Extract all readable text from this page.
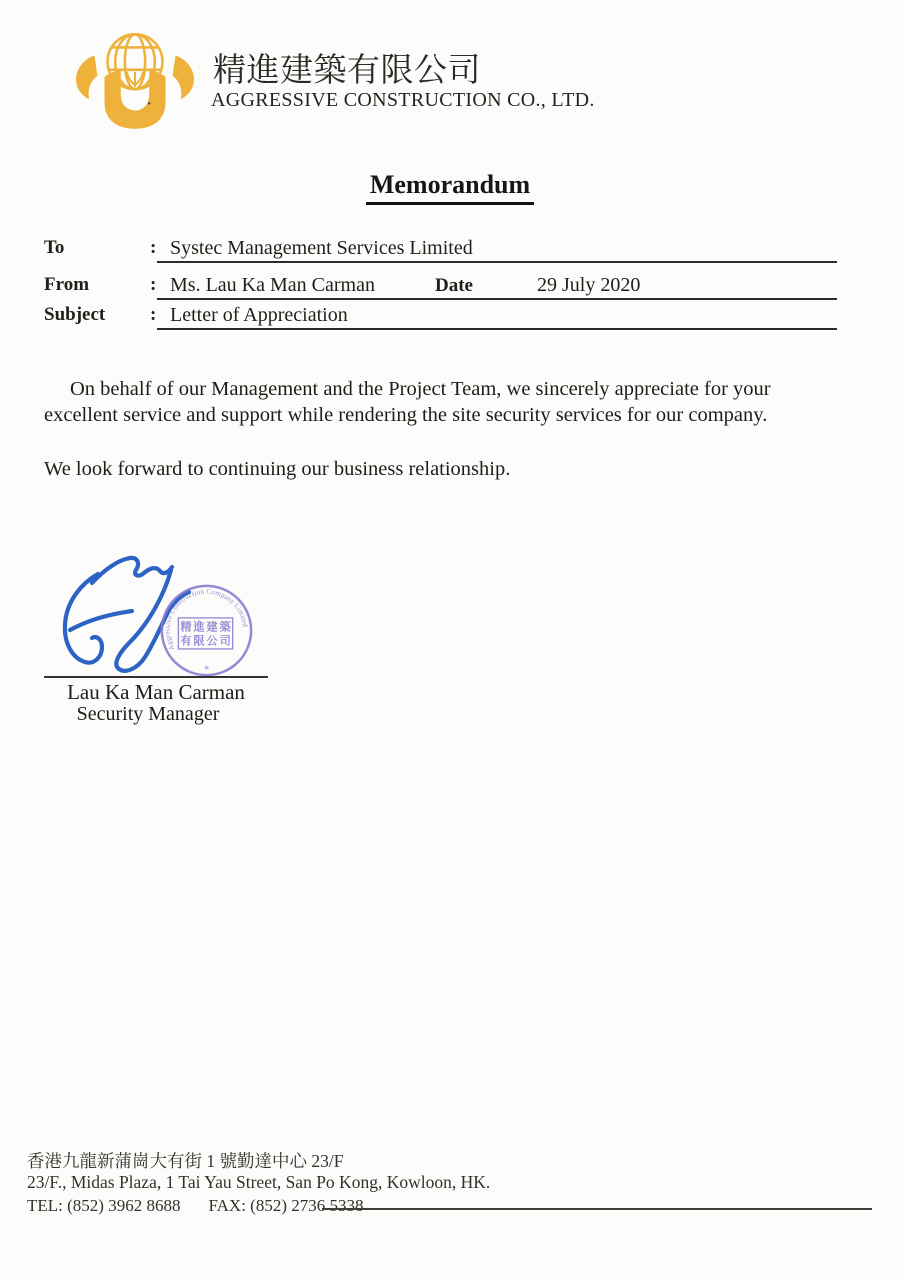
精進建築有限公司
AGGRESSIVE CONSTRUCTION CO., LTD.
Memorandum
To	: Systec Management Services Limited
From	: Ms. Lau Ka Man Carman	Date	29 July 2020
Subject : Letter of Appreciation
On behalf of our Management and the Project Team, we sincerely appreciate for your
excellent service and support while rendering the site security services for our company.
We look forward to continuing our business relationship.
Aggressive Construction Company Limited
✳
精進建築
有限公司
Lau Ka Man Carman
Security Manager
香港九龍新蒲崗大有街 1 號勤達中心 23/F
23/F., Midas Plaza, 1 Tai Yau Street, San Po Kong, Kowloon, HK.
TEL: (852) 3962 8688 FAX: (852) 2736 5338
